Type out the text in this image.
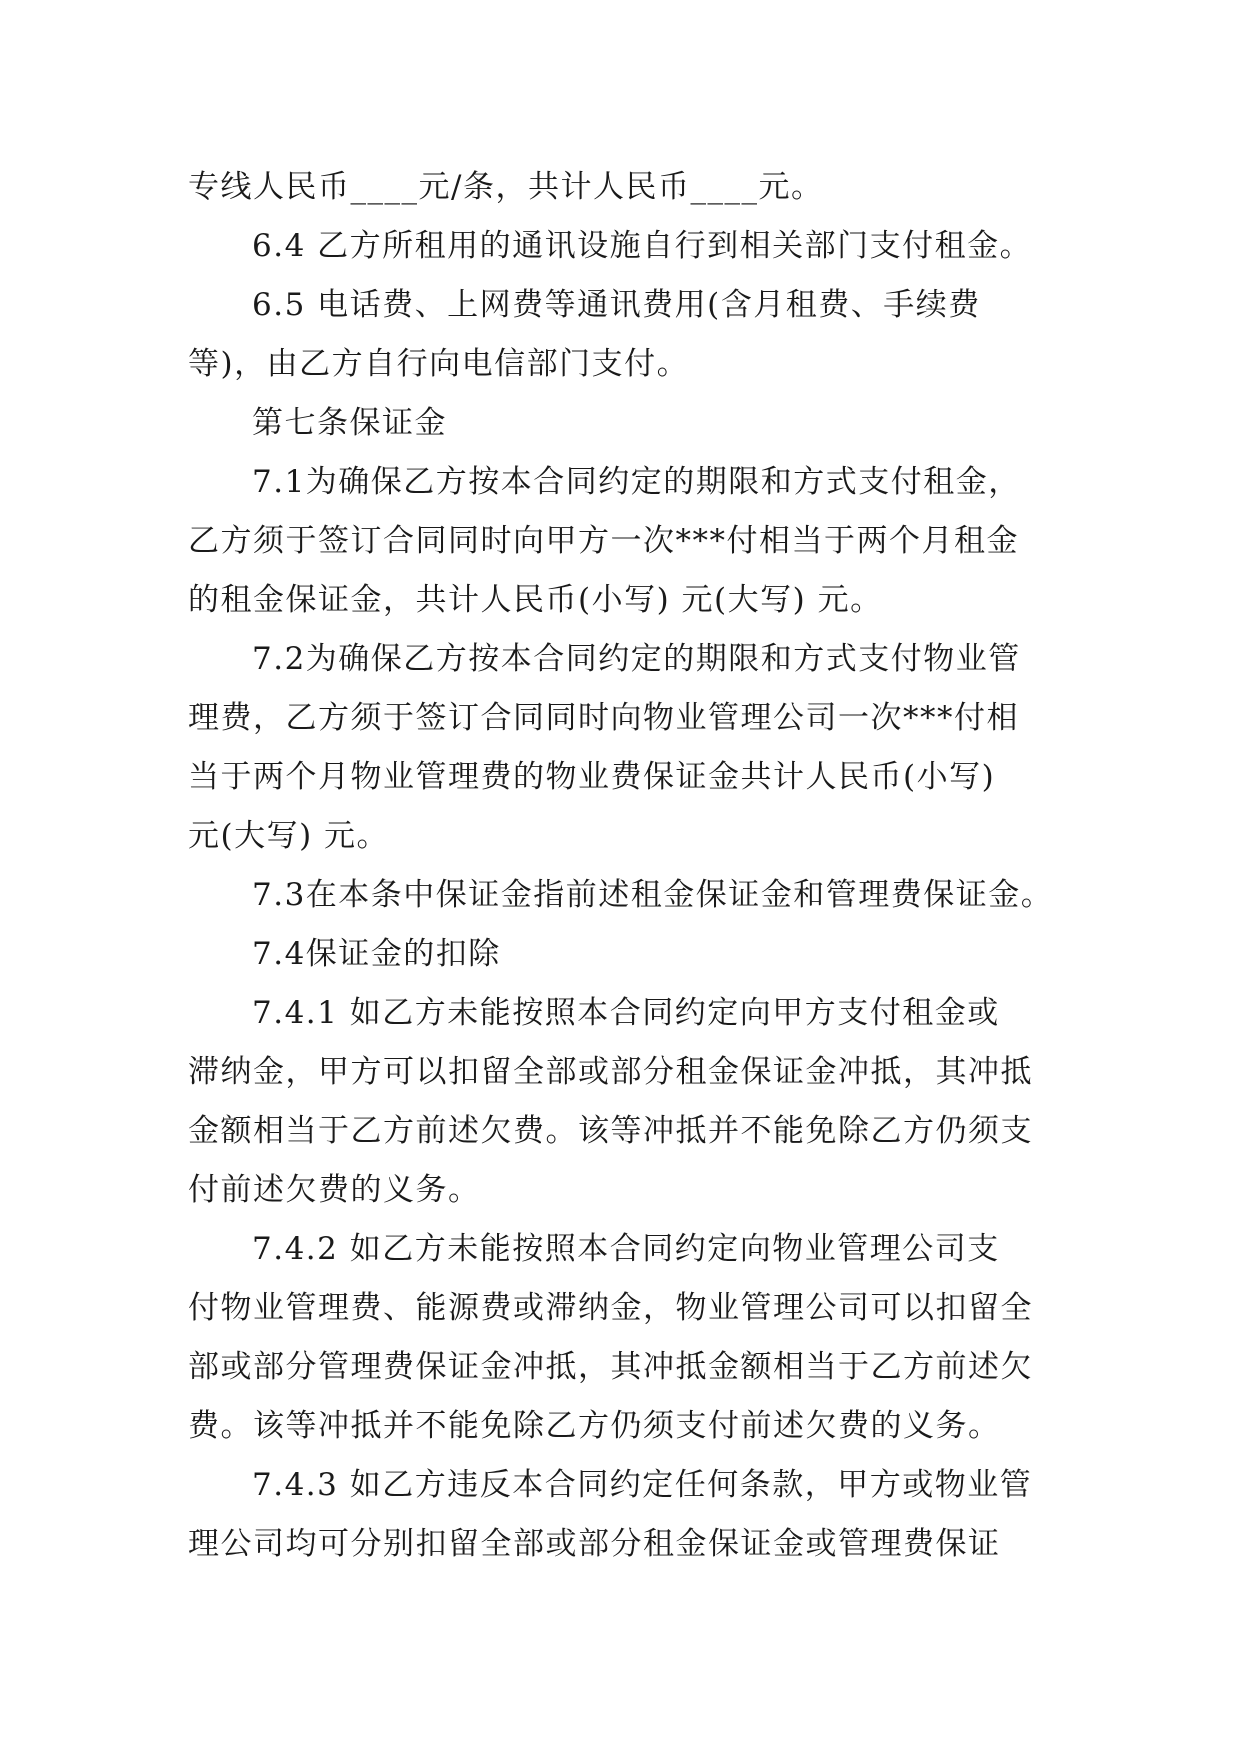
专线人民币____元/条，共计人民币____元。

6.4 乙方所租用的通讯设施自行到相关部门支付租金。

6.5 电话费、上网费等通讯费用(含月租费、手续费
等)，由乙方自行向电信部门支付。

第七条保证金

7.1为确保乙方按本合同约定的期限和方式支付租金，
乙方须于签订合同同时向甲方一次***付相当于两个月租金
的租金保证金，共计人民币(小写) 元(大写) 元。

7.2为确保乙方按本合同约定的期限和方式支付物业管
理费，乙方须于签订合同同时向物业管理公司一次***付相
当于两个月物业管理费的物业费保证金共计人民币(小写)
元(大写) 元。

7.3在本条中保证金指前述租金保证金和管理费保证金。

7.4保证金的扣除

7.4.1 如乙方未能按照本合同约定向甲方支付租金或
滞纳金，甲方可以扣留全部或部分租金保证金冲抵，其冲抵
金额相当于乙方前述欠费。该等冲抵并不能免除乙方仍须支
付前述欠费的义务。

7.4.2 如乙方未能按照本合同约定向物业管理公司支
付物业管理费、能源费或滞纳金，物业管理公司可以扣留全
部或部分管理费保证金冲抵，其冲抵金额相当于乙方前述欠
费。该等冲抵并不能免除乙方仍须支付前述欠费的义务。

7.4.3 如乙方违反本合同约定任何条款，甲方或物业管
理公司均可分别扣留全部或部分租金保证金或管理费保证
